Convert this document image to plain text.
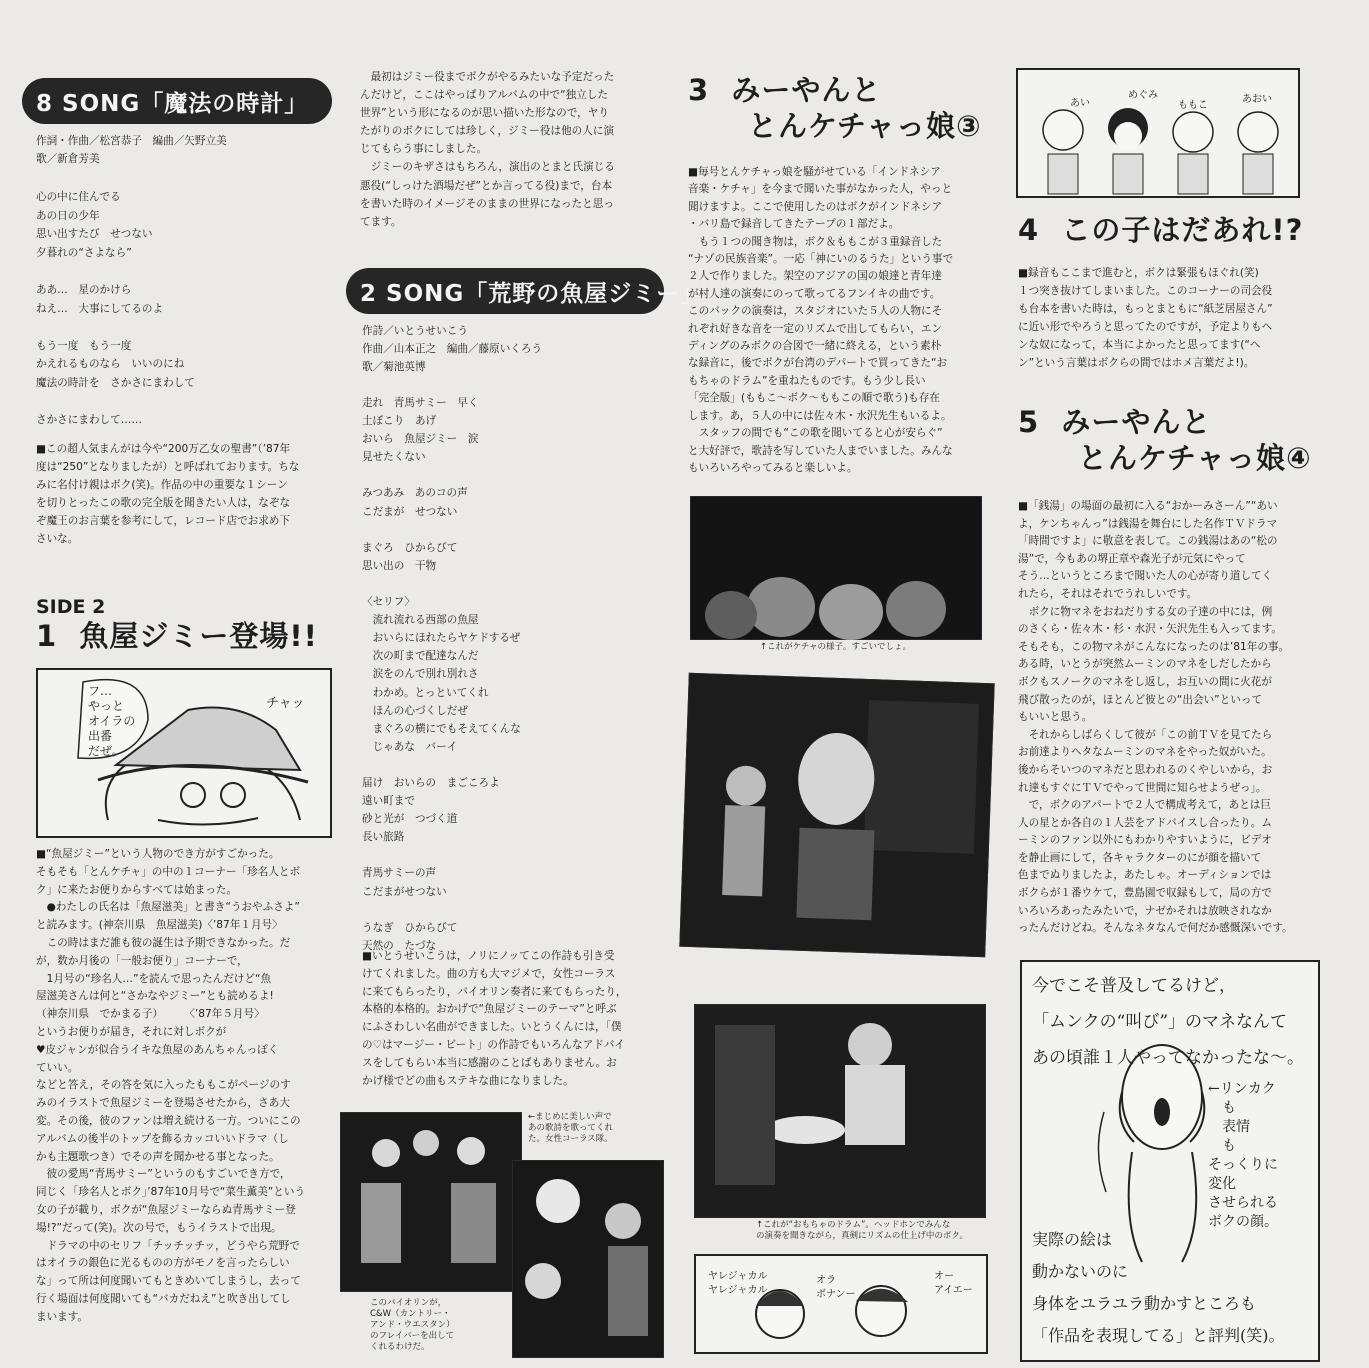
8 SONG「魔法の時計」
作詞・作曲／松宮恭子　編曲／矢野立美
歌／新倉芳美
心の中に住んでる
あの日の少年
思い出すたび　せつない
夕暮れの“さよなら”

ああ…　星のかけら
ねえ…　大事にしてるのよ

もう一度　もう一度
かえれるものなら　いいのにね
魔法の時計を　さかさにまわして

さかさにまわして……
■この超人気まんがは今や“200万乙女の聖書”（’87年
度は“250”となりましたが）と呼ばれております。ちな
みに名付け親はボク(笑)。作品の中の重要な１シーン
を切りとったこの歌の完全版を聞きたい人は，なぞな
ぞ魔王のお言葉を参考にして，レコード店でお求め下
さいな。
SIDE 2
1  魚屋ジミー登場!!
フ…
やっと
オイラの
出番
だぜ。
チャッ
■“魚屋ジミー”という人物のでき方がすごかった。
そもそも「とんケチャ」の中の１コーナー「珍名人とボ
ク」に来たお便りからすべては始まった。
　●わたしの氏名は「魚屋滋美」と書き“うおやふさよ”
と読みます。(神奈川県　魚屋滋美)〈’87年１月号〉
　この時はまだ誰も彼の誕生は予期できなかった。だ
が，数か月後の「一般お便り」コーナーで，
　1月号の“珍名人…”を読んで思ったんだけど“魚
屋滋美さんは何と“さかなやジミー”とも読めるよ!
（神奈川県　でかまる子）　　　〈’87年５月号〉
というお便りが届き，それに対しボクが
♥皮ジャンが似合うイキな魚屋のあんちゃんっぽく
ていい。
などと答え，その答を気に入ったももこがページのす
みのイラストで魚屋ジミーを登場させたから，さあ大
変。その後，彼のファンは増え続ける一方。ついにこの
アルバムの後半のトップを飾るカッコいいドラマ（し
かも主題歌つき）でその声を聞かせる事となった。
　彼の愛馬“青馬サミー”というのもすごいでき方で，
同じく「珍名人とボク」’87年10月号で“菜生薫美”という
女の子が載り，ボクが“魚屋ジミーならぬ青馬サミー登
場!?”だって(笑)。次の号で，もうイラストで出現。
　ドラマの中のセリフ「チッチッチッ，どうやら荒野で
はオイラの銀色に光るものの方がモノを言ったらしい
な」って所は何度聞いてもときめいてしまうし，去って
行く場面は何度聞いても“バカだねえ”と吹き出してし
まいます。
　最初はジミー役までボクがやるみたいな予定だった
んだけど，ここはやっぱりアルバムの中で“独立した
世界”という形になるのが思い描いた形なので，ヤり
たがりのボクにしては珍しく，ジミー役は他の人に演
じてもらう事にしました。
　ジミーのキザさはもちろん，演出のとまと氏演じる
悪役(“しっけた酒場だぜ”とか言ってる役)まで，台本
を書いた時のイメージそのままの世界になったと思っ
てます。
2 SONG「荒野の魚屋ジミー」
作詩／いとうせいこう
作曲／山本正之　編曲／藤原いくろう
歌／菊池英博
走れ　青馬サミー　早く
土ぼこり　あげ
おいら　魚屋ジミー　涙
見せたくない

みつあみ　あのコの声
こだまが　せつない

まぐろ　ひからびて
思い出の　干物

〈セリフ〉
　流れ流れる西部の魚屋
　おいらにほれたらヤケドするぜ
　次の町まで配達なんだ
　涙をのんで別れ別れさ
　わかめ。とっといてくれ
　ほんの心づくしだぜ
　まぐろの横にでもそえてくんな
　じゃあな　バーイ

届け　おいらの　まごころよ
遠い町まで
砂と光が　つづく道
長い旅路

青馬サミーの声
こだまがせつない

うなぎ　ひからびて
天然の　たづな
■いとうせいこうは，ノリにノッてこの作詩も引き受
けてくれました。曲の方も大マジメで，女性コーラス
に来てもらったり，バイオリン奏者に来てもらったり，
本格的本格的。おかげで“魚屋ジミーのテーマ”と呼ぶ
にふさわしい名曲ができました。いとうくんには，「僕
の♡はマージー・ビート」の作詩でもいろんなアドバイ
スをしてもらい本当に感謝のことばもありません。お
かげ様でどの曲もステキな曲になりました。
←まじめに美しい声で
あの歌詩を歌ってくれ
た。女性コーラス隊。
このバイオリンが，
C&W（カントリー・
アンド・ウエスタン）
のフレイバーを出して
くれるわけだ。
3  みーやんと
　　とんケチャっ娘③
■毎号とんケチャっ娘を騒がせている「インドネシア
音楽・ケチャ」を今まで聞いた事がなかった人，やっと
聞けますよ。ここで使用したのはボクがインドネシア
・バリ島で録音してきたテープの１部だよ。
　もう１つの聞き物は，ボク＆ももこが３重録音した
“ナゾの民族音楽”。一応「神にいのるうた」という事で
２人で作りました。架空のアジアの国の娘達と青年達
が村人達の演奏にのって歌ってるフンイキの曲です。
このバックの演奏は，スタジオにいた５人の人物にそ
れぞれ好きな音を一定のリズムで出してもらい，エン
ディングのみボクの合図で一緒に終える，という素朴
な録音に，後でボクが台湾のデパートで買ってきた“お
もちゃのドラム”を重ねたものです。もう少し長い
「完全版」(ももこ〜ボク〜ももこの順で歌う)も存在
します。あ，５人の中には佐々木・水沢先生もいるよ。
　スタッフの間でも“この歌を聞いてると心が安らぐ”
と大好評で，歌詩を写していた人までいました。みんな
もいろいろやってみると楽しいよ。
↑これがケチャの様子。すごいでしょ。
↑「ナゾの民族音楽」のヴォーカル重ねをする
ももことボク。何を考えてんだか，この人達は。
↑これが“おもちゃのドラム”。ヘッドホンでみんな
の演奏を聞きながら，真剣にリズムの仕上げ中のボク。
ヤレジャカル
ヤレジャカル
オラ
ボナンー
オー
アイエー
あい
めぐみ
ももこ
あおい
4  この子はだあれ!?
■録音もここまで進むと，ボクは緊張もほぐれ(笑)
１つ突き抜けてしまいました。このコーナーの司会役
も台本を書いた時は，もっとまともに“紙芝居屋さん”
に近い形でやろうと思ってたのですが，予定よりもヘ
ンな奴になって，本当によかったと思ってます(“ヘ
ン”という言葉はボクらの間ではホメ言葉だよ!)。
5  みーやんと
　　とんケチャっ娘④
■「銭湯」の場面の最初に入る“おかーみさーん”“あい
よ，ケンちゃんっ”は銭湯を舞台にした名作ＴＶドラマ
「時間ですよ」に敬意を表して。この銭湯はあの“松の
湯”で，今もあの堺正章や森光子が元気にやって
そう…というところまで聞いた人の心が寄り道してく
れたら，それはそれでうれしいです。
　ボクに物マネをおねだりする女の子達の中には，例
のさくら・佐々木・杉・水沢・矢沢先生も入ってます。
そもそも，この物マネがこんなになったのは’81年の事。
ある時，いとうが突然ムーミンのマネをしだしたから
ボクもスノークのマネをし返し，お互いの間に火花が
飛び散ったのが，ほとんど彼との“出会い”といって
もいいと思う。
　それからしばらくして彼が「この前ＴＶを見てたら
お前達よりヘタなムーミンのマネをやった奴がいた。
後からそいつのマネだと思われるのくやしいから，お
れ達もすぐにＴＶでやって世間に知らせようぜっ」。
　で，ボクのアパートで２人で構成考えて，あとは巨
人の星とか各自の１人芸をアドバイスし合ったり。ム
ーミンのファン以外にもわかりやすいように，ビデオ
を静止画にして，各キャラクターのにが顔を描いて
色までぬりましたよ，あたしゃ。オーディションでは
ボクらが１番ウケて，豊島園で収録もして，局の方で
いろいろあったみたいで，ナゼかそれは放映されなか
ったんだけどね。そんなネタなんで何だか感慨深いです。
今でこそ普及してるけど，
「ムンクの“叫び”」のマネなんて
あの頃誰１人やってなかったな〜。
←リンカク
　も
　表情
　も
そっくりに
変化
させられる
ボクの顔。
実際の絵は
動かないのに
身体をユラユラ動かすところも
「作品を表現してる」と評判(笑)。
